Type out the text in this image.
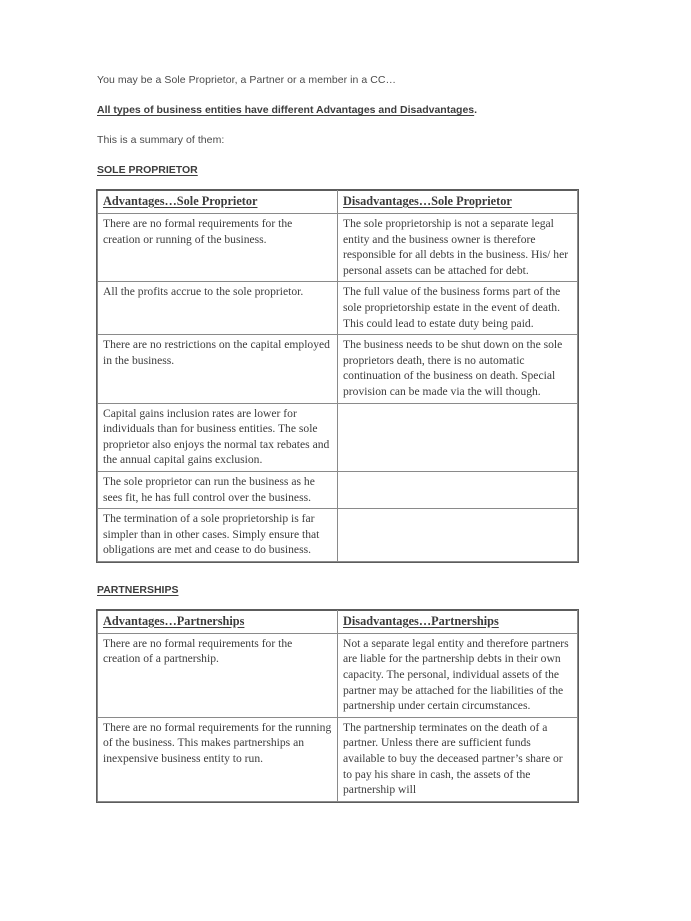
You may be a Sole Proprietor, a Partner or a member in a CC…

All types of business entities have different Advantages and Disadvantages.

This is a summary of them:

SOLE PROPRIETOR
Advantages…Sole Proprietor	Disadvantages…Sole Proprietor
There are no formal requirements for the creation or running of the business.	The sole proprietorship is not a separate legal entity and the business owner is therefore responsible for all debts in the business. His/ her personal assets can be attached for debt.
All the profits accrue to the sole proprietor.	The full value of the business forms part of the sole proprietorship estate in the event of death. This could lead to estate duty being paid.
There are no restrictions on the capital employed in the business.	The business needs to be shut down on the sole proprietors death, there is no automatic continuation of the business on death. Special provision can be made via the will though.
Capital gains inclusion rates are lower for individuals than for business entities. The sole proprietor also enjoys the normal tax rebates and the annual capital gains exclusion.	
The sole proprietor can run the business as he sees fit, he has full control over the business.	
The termination of a sole proprietorship is far simpler than in other cases. Simply ensure that obligations are met and cease to do business.	
PARTNERSHIPS
Advantages…Partnerships	Disadvantages…Partnerships
There are no formal requirements for the creation of a partnership.	Not a separate legal entity and therefore partners are liable for the partnership debts in their own capacity. The personal, individual assets of the partner may be attached for the liabilities of the partnership under certain circumstances.
There are no formal requirements for the running of the business. This makes partnerships an inexpensive business entity to run.	The partnership terminates on the death of a partner. Unless there are sufficient funds available to buy the deceased partner’s share or to pay his share in cash, the assets of the partnership will
